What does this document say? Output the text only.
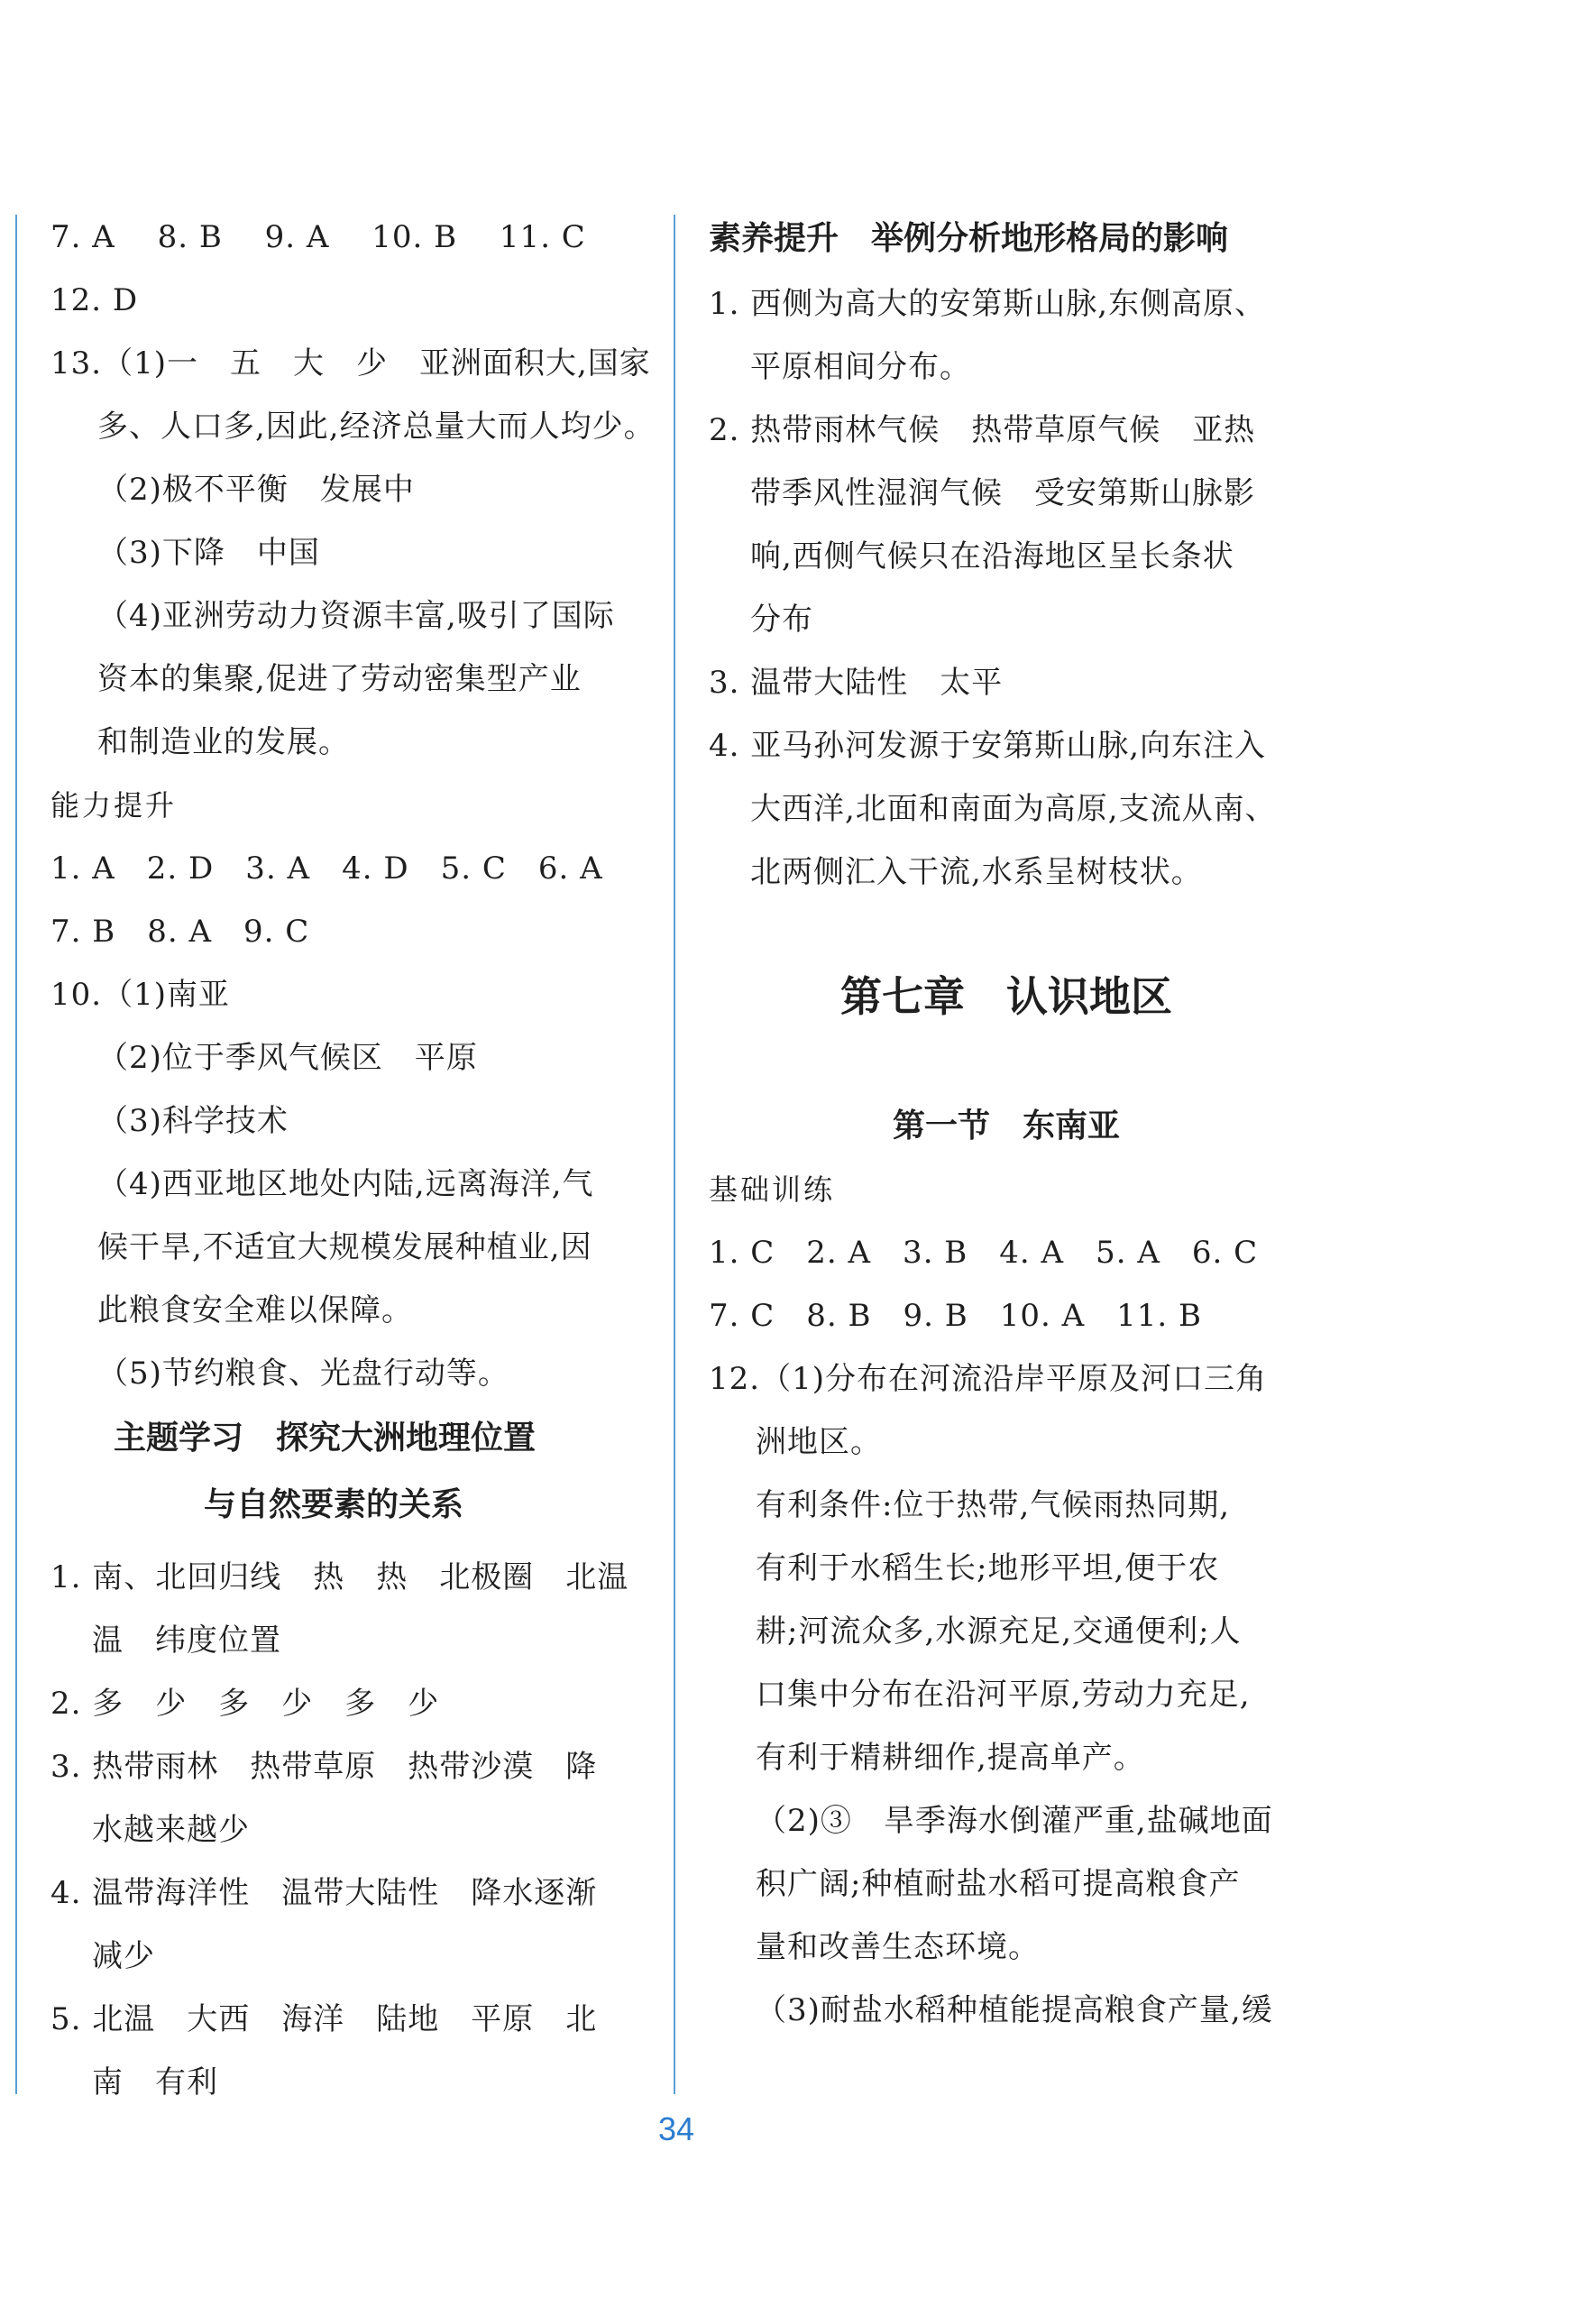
7. A　 8. B　 9. A　 10. B　 11. C
12. D
13.（1)一　五　大　少　亚洲面积大,国家
多、人口多,因此,经济总量大而人均少。
（2)极不平衡　发展中
（3)下降　中国
（4)亚洲劳动力资源丰富,吸引了国际
资本的集聚,促进了劳动密集型产业
和制造业的发展。
能力提升
1. A　2. D　3. A　4. D　5. C　6. A
7. B　8. A　9. C
10.（1)南亚
（2)位于季风气候区　平原
（3)科学技术
（4)西亚地区地处内陆,远离海洋,气
候干旱,不适宜大规模发展种植业,因
此粮食安全难以保障。
（5)节约粮食、光盘行动等。
主题学习　探究大洲地理位置
与自然要素的关系
1. 南、北回归线　热　热　北极圈　北温
温　纬度位置
2. 多　少　多　少　多　少
3. 热带雨林　热带草原　热带沙漠　降
水越来越少
4. 温带海洋性　温带大陆性　降水逐渐
减少
5. 北温　大西　海洋　陆地　平原　北
南　有利
素养提升　举例分析地形格局的影响
1. 西侧为高大的安第斯山脉,东侧高原、
平原相间分布。
2. 热带雨林气候　热带草原气候　亚热
带季风性湿润气候　受安第斯山脉影
响,西侧气候只在沿海地区呈长条状
分布
3. 温带大陆性　太平
4. 亚马孙河发源于安第斯山脉,向东注入
大西洋,北面和南面为高原,支流从南、
北两侧汇入干流,水系呈树枝状。
第七章　认识地区
第一节　东南亚
基础训练
1. C　2. A　3. B　4. A　5. A　6. C
7. C　8. B　9. B　10. A　11. B
12.（1)分布在河流沿岸平原及河口三角
洲地区。
有利条件:位于热带,气候雨热同期,
有利于水稻生长;地形平坦,便于农
耕;河流众多,水源充足,交通便利;人
口集中分布在沿河平原,劳动力充足,
有利于精耕细作,提高单产。
（2)③　旱季海水倒灌严重,盐碱地面
积广阔;种植耐盐水稻可提高粮食产
量和改善生态环境。
（3)耐盐水稻种植能提高粮食产量,缓
34
